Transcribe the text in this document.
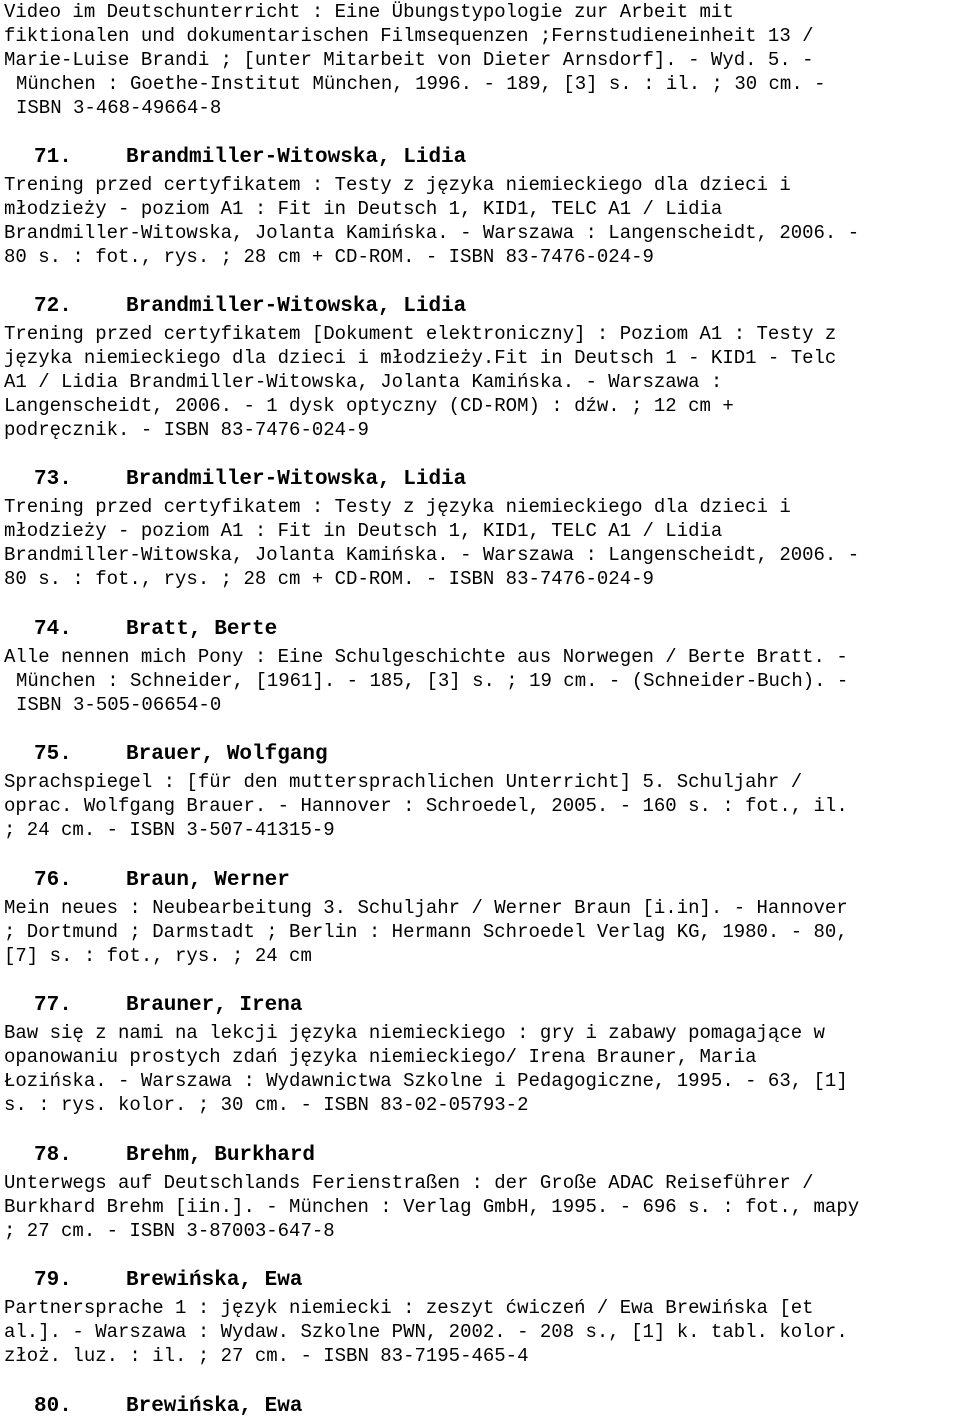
Video im Deutschunterricht : Eine Übungstypologie zur Arbeit mit
fiktionalen und dokumentarischen Filmsequenzen ;Fernstudieneinheit 13 /
Marie-Luise Brandi ; [unter Mitarbeit von Dieter Arnsdorf]. - Wyd. 5. -
München : Goethe-Institut München, 1996. - 189, [3] s. : il. ; 30 cm. -
ISBN 3-468-49664-8
71.	Brandmiller-Witowska, Lidia
Trening przed certyfikatem : Testy z języka niemieckiego dla dzieci i
młodzieży - poziom A1 : Fit in Deutsch 1, KID1, TELC A1 / Lidia
Brandmiller-Witowska, Jolanta Kamińska. - Warszawa : Langenscheidt, 2006. -
80 s. : fot., rys. ; 28 cm + CD-ROM. - ISBN 83-7476-024-9
72.	Brandmiller-Witowska, Lidia
Trening przed certyfikatem [Dokument elektroniczny] : Poziom A1 : Testy z
języka niemieckiego dla dzieci i młodzieży.Fit in Deutsch 1 - KID1 - Telc
A1 / Lidia Brandmiller-Witowska, Jolanta Kamińska. - Warszawa :
Langenscheidt, 2006. - 1 dysk optyczny (CD-ROM) : dźw. ; 12 cm +
podręcznik. - ISBN 83-7476-024-9
73.	Brandmiller-Witowska, Lidia
Trening przed certyfikatem : Testy z języka niemieckiego dla dzieci i
młodzieży - poziom A1 : Fit in Deutsch 1, KID1, TELC A1 / Lidia
Brandmiller-Witowska, Jolanta Kamińska. - Warszawa : Langenscheidt, 2006. -
80 s. : fot., rys. ; 28 cm + CD-ROM. - ISBN 83-7476-024-9
74.	Bratt, Berte
Alle nennen mich Pony : Eine Schulgeschichte aus Norwegen / Berte Bratt. -
München : Schneider, [1961]. - 185, [3] s. ; 19 cm. - (Schneider-Buch). -
ISBN 3-505-06654-0
75.	Brauer, Wolfgang
Sprachspiegel : [für den muttersprachlichen Unterricht] 5. Schuljahr /
oprac. Wolfgang Brauer. - Hannover : Schroedel, 2005. - 160 s. : fot., il.
; 24 cm. - ISBN 3-507-41315-9
76.	Braun, Werner
Mein neues : Neubearbeitung 3. Schuljahr / Werner Braun [i.in]. - Hannover
; Dortmund ; Darmstadt ; Berlin : Hermann Schroedel Verlag KG, 1980. - 80,
[7] s. : fot., rys. ; 24 cm
77.	Brauner, Irena
Baw się z nami na lekcji języka niemieckiego : gry i zabawy pomagające w
opanowaniu prostych zdań języka niemieckiego/ Irena Brauner, Maria
Łozińska. - Warszawa : Wydawnictwa Szkolne i Pedagogiczne, 1995. - 63, [1]
s. : rys. kolor. ; 30 cm. - ISBN 83-02-05793-2
78.	Brehm, Burkhard
Unterwegs auf Deutschlands Ferienstraßen : der Große ADAC Reiseführer /
Burkhard Brehm [iin.]. - München : Verlag GmbH, 1995. - 696 s. : fot., mapy
; 27 cm. - ISBN 3-87003-647-8
79.	Brewińska, Ewa
Partnersprache 1 : język niemiecki : zeszyt ćwiczeń / Ewa Brewińska [et
al.]. - Warszawa : Wydaw. Szkolne PWN, 2002. - 208 s., [1] k. tabl. kolor.
złoż. luz. : il. ; 27 cm. - ISBN 83-7195-465-4
80.	Brewińska, Ewa
